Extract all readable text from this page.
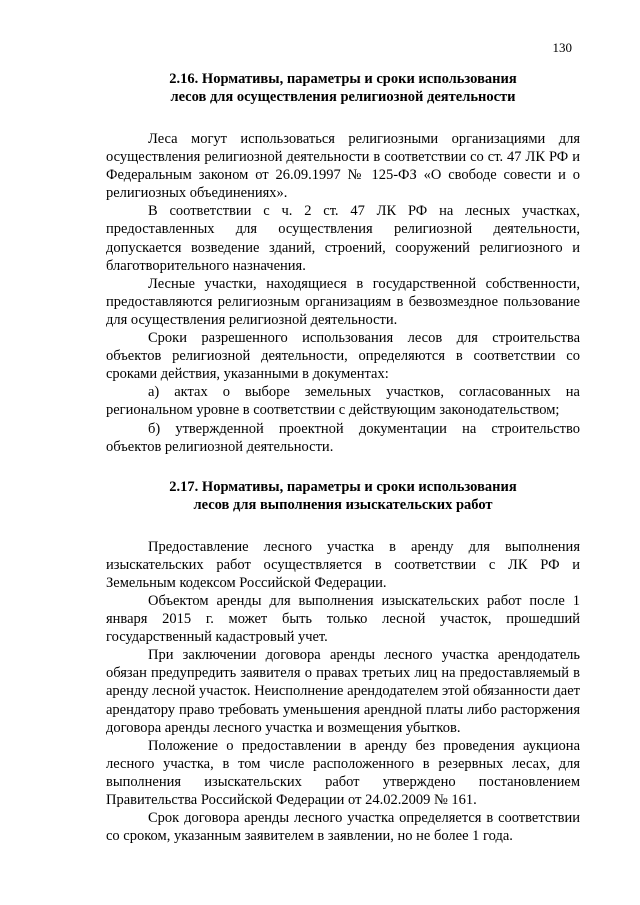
130
2.16. Нормативы, параметры и сроки использования
лесов для осуществления религиозной деятельности

Леса могут использоваться религиозными организациями для осуществления религиозной деятельности в соответствии со ст. 47 ЛК РФ и Федеральным законом от 26.09.1997 № 125-ФЗ «О свободе совести и о религиозных объединениях».

В соответствии с ч. 2 ст. 47 ЛК РФ на лесных участках, предоставленных для осуществления религиозной деятельности, допускается возведение зданий, строений, сооружений религиозного и благотворительного назначения.

Лесные участки, находящиеся в государственной собственности, предоставляются религиозным организациям в безвозмездное пользование для осуществления религиозной деятельности.

Сроки разрешенного использования лесов для строительства объектов религиозной деятельности, определяются в соответствии со сроками действия, указанными в документах:

а) актах о выборе земельных участков, согласованных на региональном уровне в соответствии с действующим законодательством;

б) утвержденной проектной документации на строительство объектов религиозной деятельности.

2.17. Нормативы, параметры и сроки использования
лесов для выполнения изыскательских работ

Предоставление лесного участка в аренду для выполнения изыскательских работ осуществляется в соответствии с ЛК РФ и Земельным кодексом Российской Федерации.

Объектом аренды для выполнения изыскательских работ после 1 января 2015 г. может быть только лесной участок, прошедший государственный кадастровый учет.

При заключении договора аренды лесного участка арендодатель обязан предупредить заявителя о правах третьих лиц на предоставляемый в аренду лесной участок. Неисполнение арендодателем этой обязанности дает арендатору право требовать уменьшения арендной платы либо расторжения договора аренды лесного участка и возмещения убытков.

Положение о предоставлении в аренду без проведения аукциона лесного участка, в том числе расположенного в резервных лесах, для выполнения изыскательских работ утверждено постановлением Правительства Российской Федерации от 24.02.2009 № 161.

Срок договора аренды лесного участка определяется в соответствии со сроком, указанным заявителем в заявлении, но не более 1 года.
